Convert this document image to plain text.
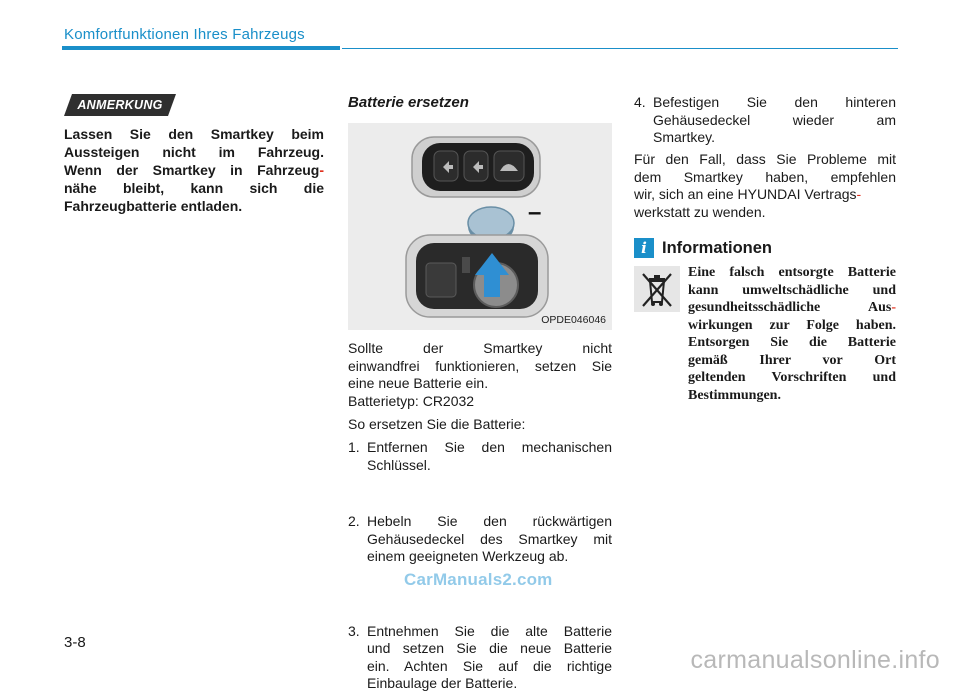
Komfortfunktionen Ihres Fahrzeugs
ANMERKUNG
Lassen Sie den Smartkey beim
Aussteigen nicht im Fahrzeug.
Wenn der Smartkey in Fahrzeug-
nähe bleibt, kann sich die
Fahrzeugbatterie entladen.
Batterie ersetzen
–
OPDE046046
Sollte der Smartkey nicht
einwandfrei funktionieren, setzen Sie
eine neue Batterie ein.
Batterietyp: CR2032
So ersetzen Sie die Batterie:
1. Entfernen Sie den mechanischen
Schlüssel.
2. Hebeln Sie den rückwärtigen
Gehäusedeckel des Smartkey mit
einem geeigneten Werkzeug ab.
3. Entnehmen Sie die alte Batterie
und setzen Sie die neue Batterie
ein. Achten Sie auf die richtige
Einbaulage der Batterie.
4. Befestigen Sie den hinteren
Gehäusedeckel wieder am
Smartkey.
Für den Fall, dass Sie Probleme mit
dem Smartkey haben, empfehlen
wir, sich an eine HYUNDAI Vertrags-
werkstatt zu wenden.
i Informationen
Eine falsch entsorgte Batterie
kann umweltschädliche und
gesundheitsschädliche Aus-
wirkungen zur Folge haben.
Entsorgen Sie die Batterie
gemäß Ihrer vor Ort
geltenden Vorschriften und
Bestimmungen.
3-8
CarManuals2.com
carmanualsonline.info
